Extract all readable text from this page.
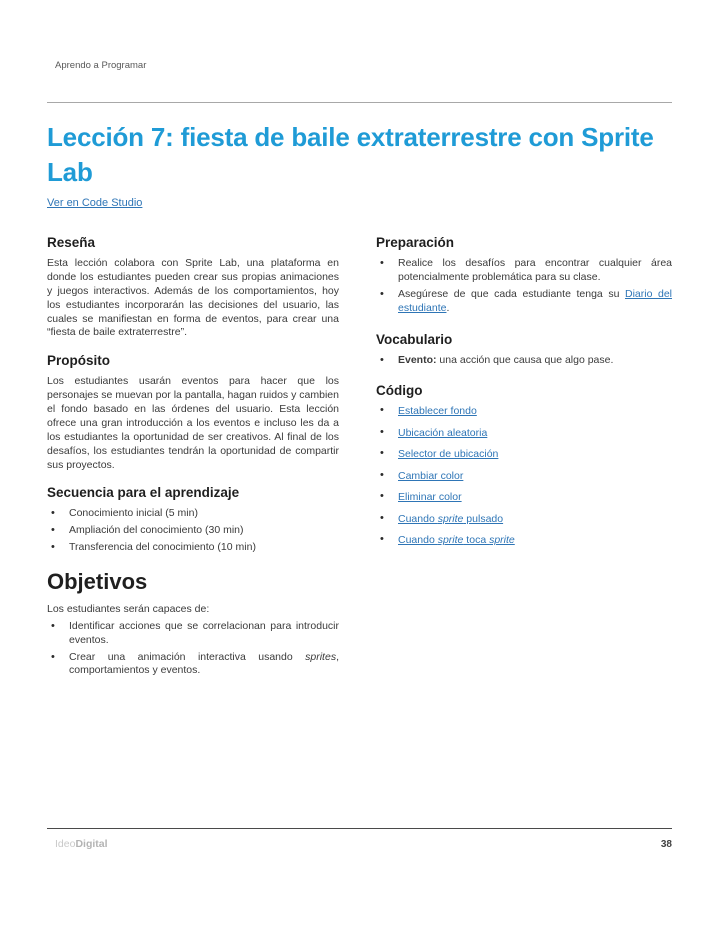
Aprendo a Programar
Lección 7: fiesta de baile extraterrestre con Sprite Lab
Ver en Code Studio
Reseña

Esta lección colabora con Sprite Lab, una plataforma en donde los estudiantes pueden crear sus propias animaciones y juegos interactivos. Además de los comportamientos, hoy los estudiantes incorporarán las decisiones del usuario, las cuales se manifiestan en forma de eventos, para crear una “fiesta de baile extraterrestre”.

Propósito

Los estudiantes usarán eventos para hacer que los personajes se muevan por la pantalla, hagan ruidos y cambien el fondo basado en las órdenes del usuario. Esta lección ofrece una gran introducción a los eventos e incluso les da a los estudiantes la oportunidad de ser creativos. Al final de los desafíos, los estudiantes tendrán la oportunidad de compartir sus proyectos.

Secuencia para el aprendizaje
• Conocimiento inicial (5 min)
• Ampliación del conocimiento (30 min)
• Transferencia del conocimiento (10 min)
Objetivos
Los estudiantes serán capaces de:
• Identificar acciones que se correlacionan para introducir eventos.
• Crear una animación interactiva usando sprites, comportamientos y eventos.
Preparación
• Realice los desafíos para encontrar cualquier área potencialmente problemática para su clase.
• Asegúrese de que cada estudiante tenga su Diario del estudiante.
Vocabulario
• Evento: una acción que causa que algo pase.
Código
• Establecer fondo
• Ubicación aleatoria
• Selector de ubicación
• Cambiar color
• Eliminar color
• Cuando sprite pulsado
• Cuando sprite toca sprite
IdeoDigital	38
